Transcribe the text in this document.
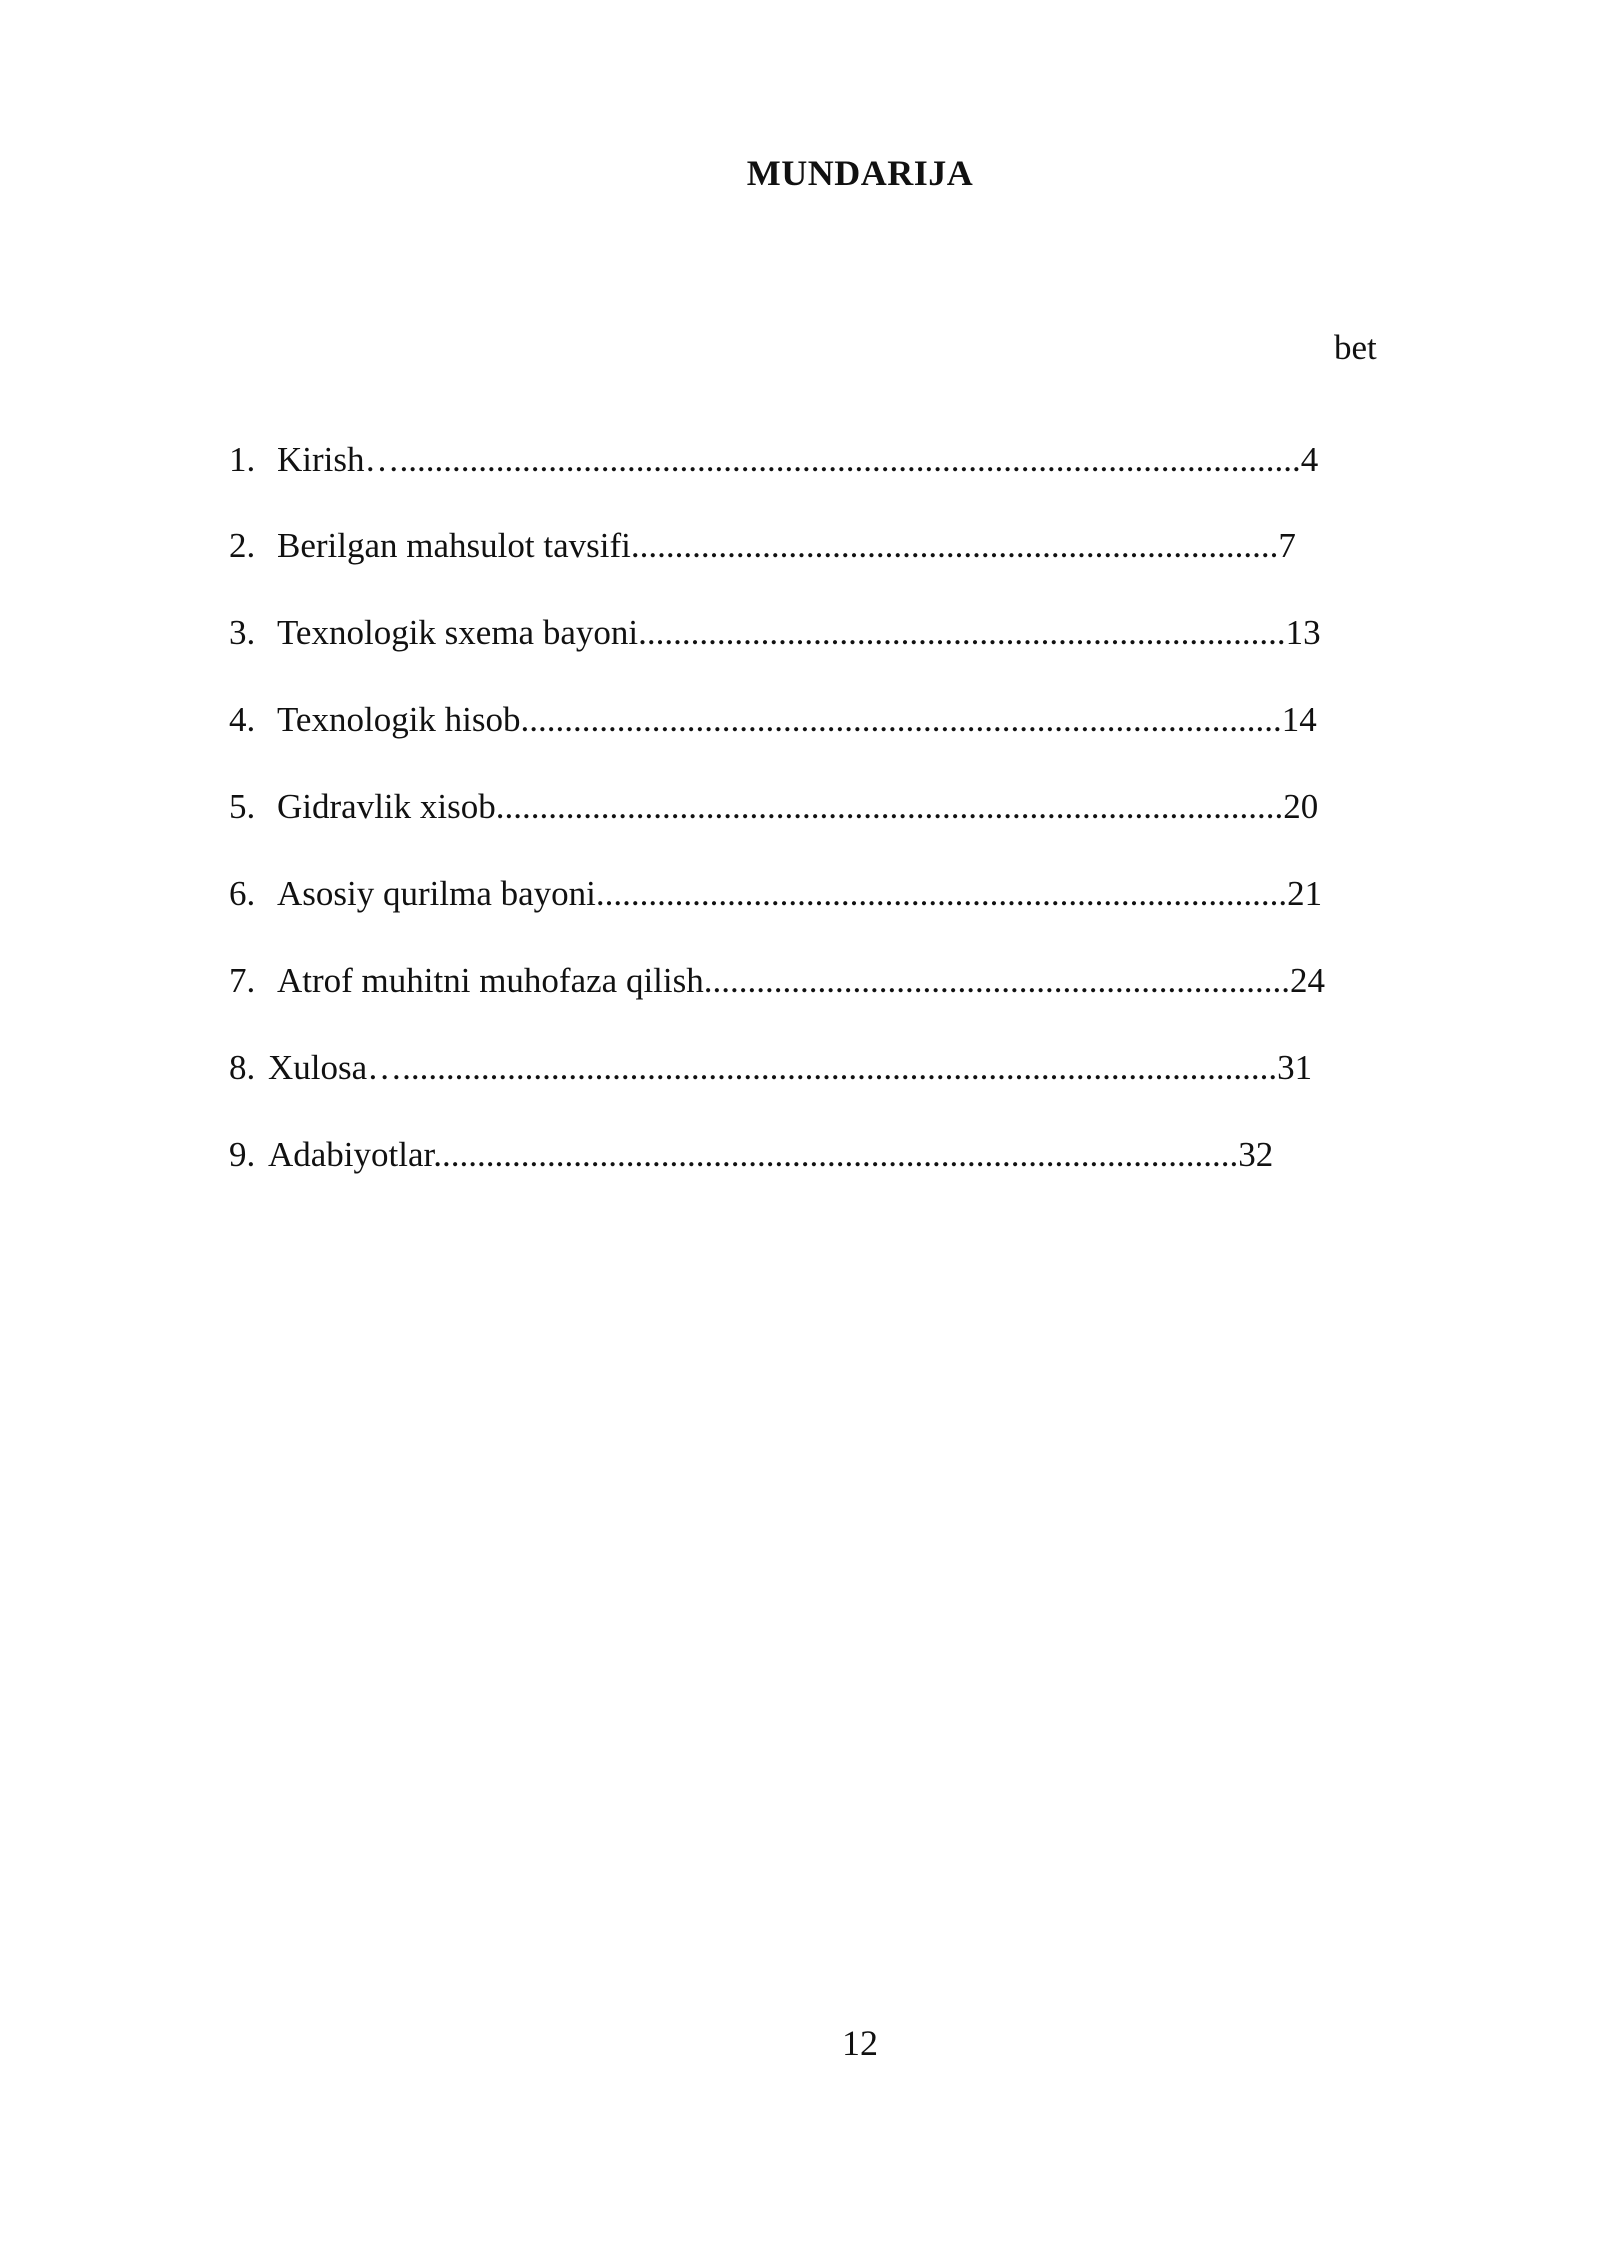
MUNDARIJA
bet
1. Kirish….......................................................................................................4
2. Berilgan mahsulot tavsifi..........................................................................7
3. Texnologik sxema bayoni..........................................................................13
4. Texnologik hisob.......................................................................................14
5. Gidravlik xisob..........................................................................................20
6. Asosiy qurilma bayoni...............................................................................21
7. Atrof muhitni muhofaza qilish...................................................................24
8. Xulosa…....................................................................................................31
9. Adabiyotlar............................................................................................32
12
